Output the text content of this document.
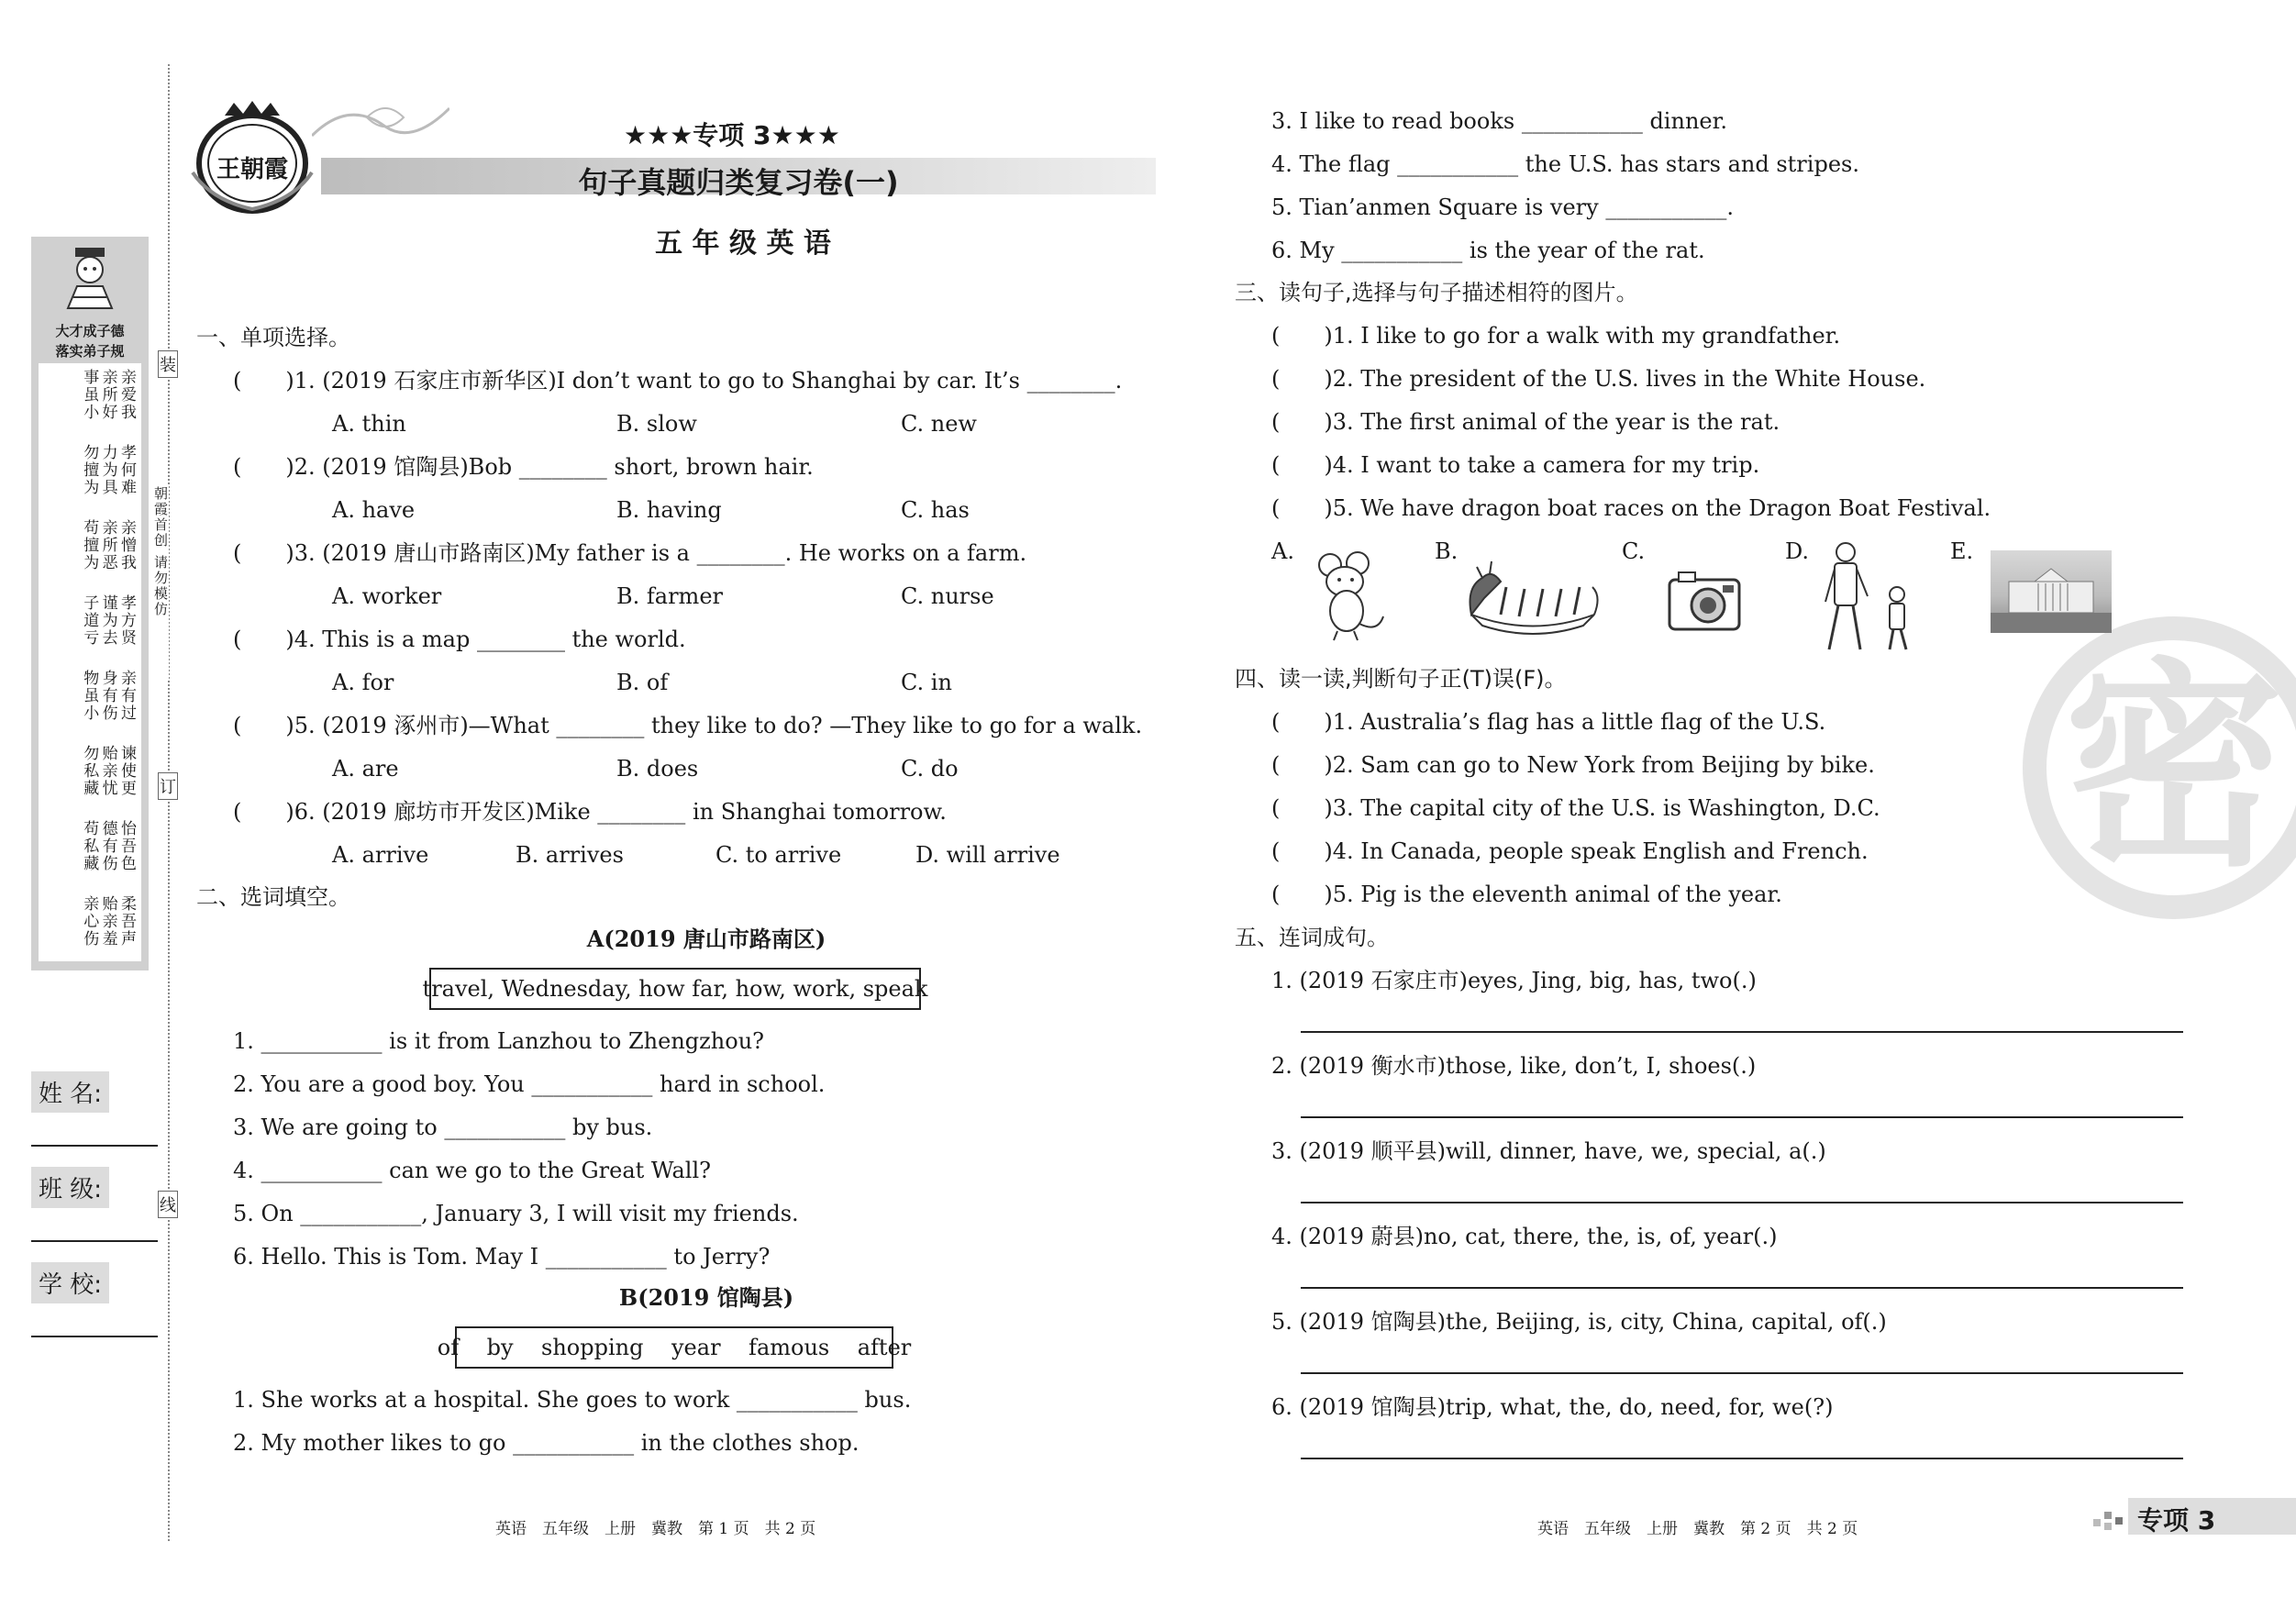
大才成子德
落实弟子规
亲爱我 亲所好 事虽小
孝何难 力为具 勿擅为
亲憎我 亲所恶 苟擅为
孝方贤 谨为去 子道亏
亲有过 身有伤 物虽小
谏使更 贻亲忧 勿私藏
怡吾色 德有伤 苟私藏
柔吾声 贻亲羞 亲心伤
装
订
线
朝霞首创 请勿模仿
姓 名:
班 级:
学 校:
王朝霞
★★★专项 3★★★
句子真题归类复习卷(一)
五 年 级 英 语
一、单项选择。
(　　)1. (2019 石家庄市新华区)I don’t want to go to Shanghai by car. It’s ________.
A. thin	B. slow	C. new
(　　)2. (2019 馆陶县)Bob ________ short, brown hair.
A. have	B. having	C. has
(　　)3. (2019 唐山市路南区)My father is a ________. He works on a farm.
A. worker	B. farmer	C. nurse
(　　)4. This is a map ________ the world.
A. for	B. of	C. in
(　　)5. (2019 涿州市)—What ________ they like to do? —They like to go for a walk.
A. are	B. does	C. do
(　　)6. (2019 廊坊市开发区)Mike ________ in Shanghai tomorrow.
A. arrive	B. arrives	C. to arrive	D. will arrive
二、选词填空。
A(2019 唐山市路南区)
travel, Wednesday, how far, how, work, speak
1. ___________ is it from Lanzhou to Zhengzhou?
2. You are a good boy. You ___________ hard in school.
3. We are going to ___________ by bus.
4. ___________ can we go to the Great Wall?
5. On ___________, January 3, I will visit my friends.
6. Hello. This is Tom. May I ___________ to Jerry?
B(2019 馆陶县)
of    by    shopping    year    famous    after
1. She works at a hospital. She goes to work ___________ bus.
2. My mother likes to go ___________ in the clothes shop.
英语　五年级　上册　冀教　第 1 页　共 2 页
3. I like to read books ___________ dinner.
4. The flag ___________ the U.S. has stars and stripes.
5. Tian’anmen Square is very ___________.
6. My ___________ is the year of the rat.
密
三、读句子,选择与句子描述相符的图片。
(　　)1. I like to go for a walk with my grandfather.
(　　)2. The president of the U.S. lives in the White House.
(　　)3. The first animal of the year is the rat.
(　　)4. I want to take a camera for my trip.
(　　)5. We have dragon boat races on the Dragon Boat Festival.
A.	B.	C.	D.	E.
四、读一读,判断句子正(T)误(F)。
(　　)1. Australia’s flag has a little flag of the U.S.
(　　)2. Sam can go to New York from Beijing by bike.
(　　)3. The capital city of the U.S. is Washington, D.C.
(　　)4. In Canada, people speak English and French.
(　　)5. Pig is the eleventh animal of the year.
五、连词成句。
1. (2019 石家庄市)eyes, Jing, big, has, two(.)
2. (2019 衡水市)those, like, don’t, I, shoes(.)
3. (2019 顺平县)will, dinner, have, we, special, a(.)
4. (2019 蔚县)no, cat, there, the, is, of, year(.)
5. (2019 馆陶县)the, Beijing, is, city, China, capital, of(.)
6. (2019 馆陶县)trip, what, the, do, need, for, we(?)
英语　五年级　上册　冀教　第 2 页　共 2 页	专项 3
